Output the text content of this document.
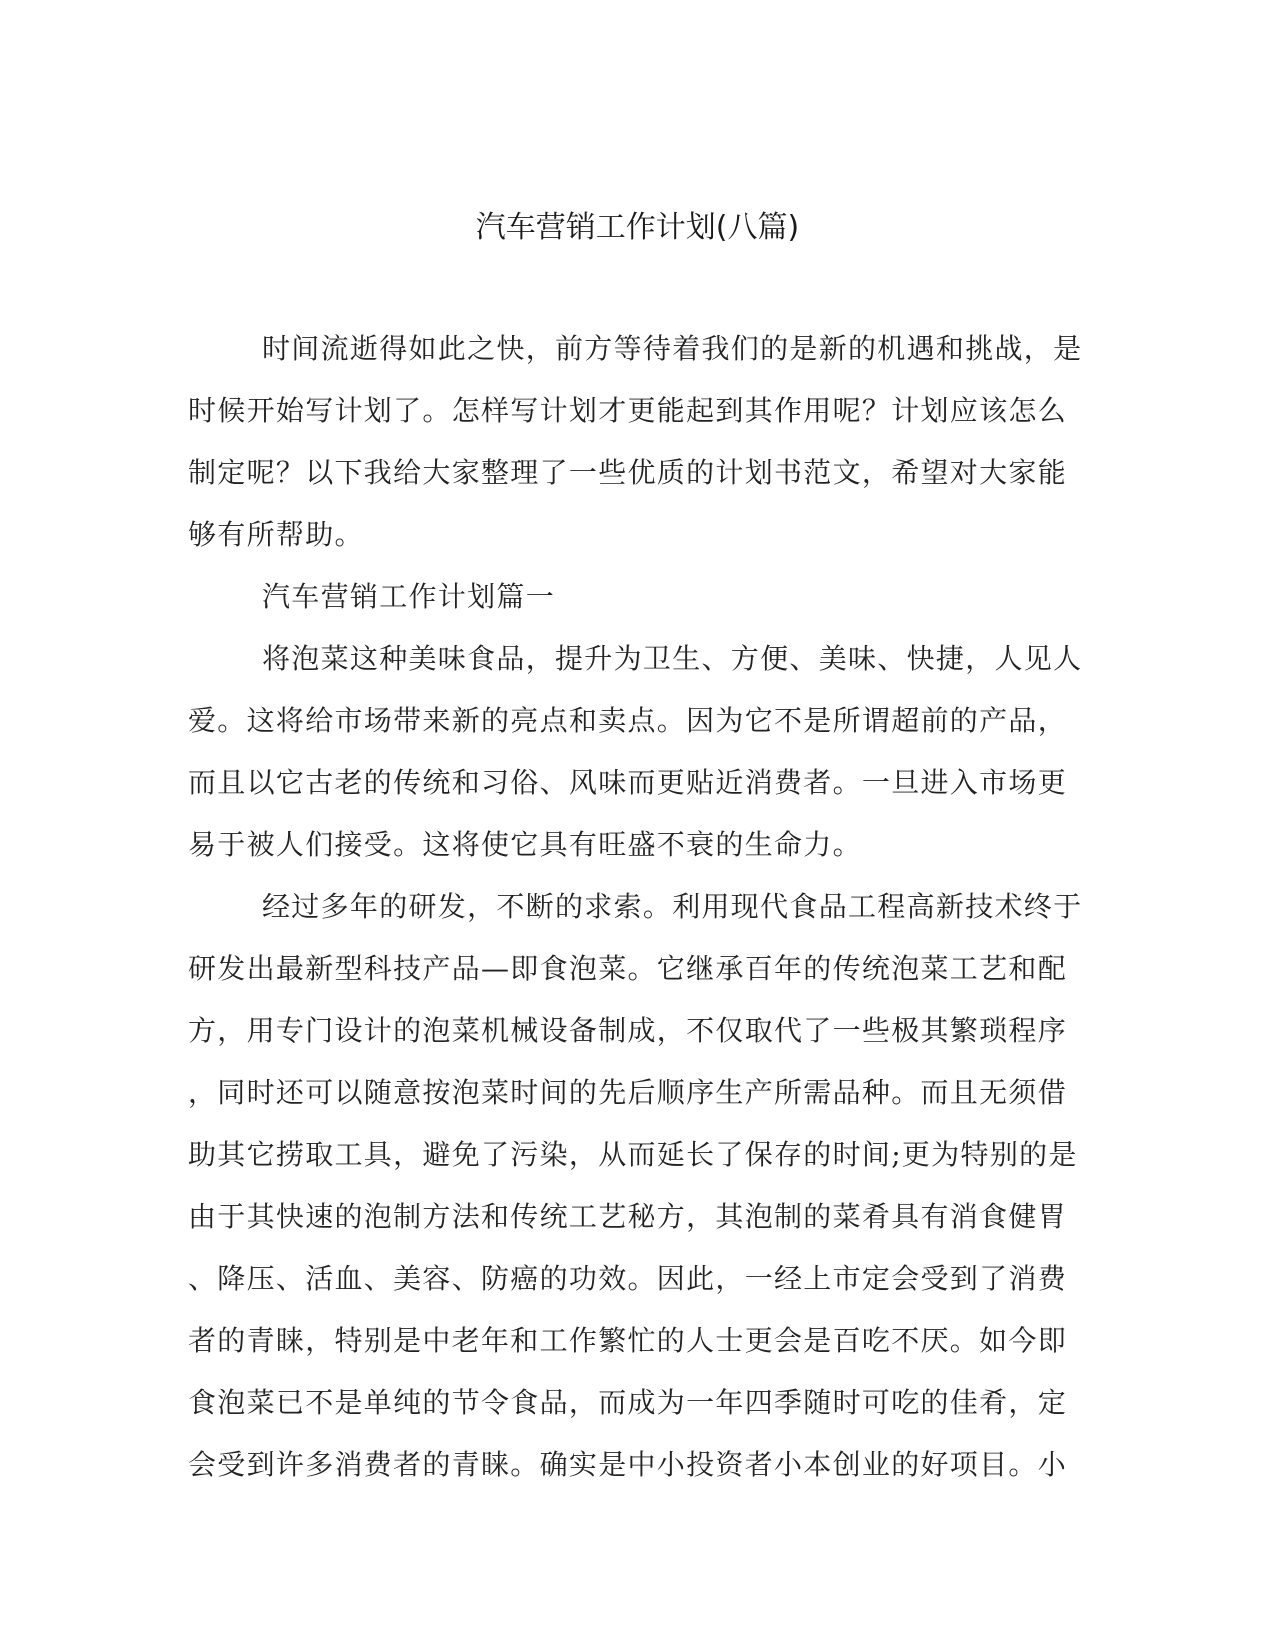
汽车营销工作计划(八篇)

时间流逝得如此之快，前方等待着我们的是新的机遇和挑战，是

时候开始写计划了。怎样写计划才更能起到其作用呢？计划应该怎么

制定呢？以下我给大家整理了一些优质的计划书范文，希望对大家能

够有所帮助。

汽车营销工作计划篇一

将泡菜这种美味食品，提升为卫生、方便、美味、快捷，人见人

爱。这将给市场带来新的亮点和卖点。因为它不是所谓超前的产品，

而且以它古老的传统和习俗、风味而更贴近消费者。一旦进入市场更

易于被人们接受。这将使它具有旺盛不衰的生命力。

经过多年的研发，不断的求索。利用现代食品工程高新技术终于

研发出最新型科技产品—即食泡菜。它继承百年的传统泡菜工艺和配

方，用专门设计的泡菜机械设备制成，不仅取代了一些极其繁琐程序

，同时还可以随意按泡菜时间的先后顺序生产所需品种。而且无须借

助其它捞取工具，避免了污染，从而延长了保存的时间;更为特别的是

由于其快速的泡制方法和传统工艺秘方，其泡制的菜肴具有消食健胃

、降压、活血、美容、防癌的功效。因此，一经上市定会受到了消费

者的青睐，特别是中老年和工作繁忙的人士更会是百吃不厌。如今即

食泡菜已不是单纯的节令食品，而成为一年四季随时可吃的佳肴，定

会受到许多消费者的青睐。确实是中小投资者小本创业的好项目。小
